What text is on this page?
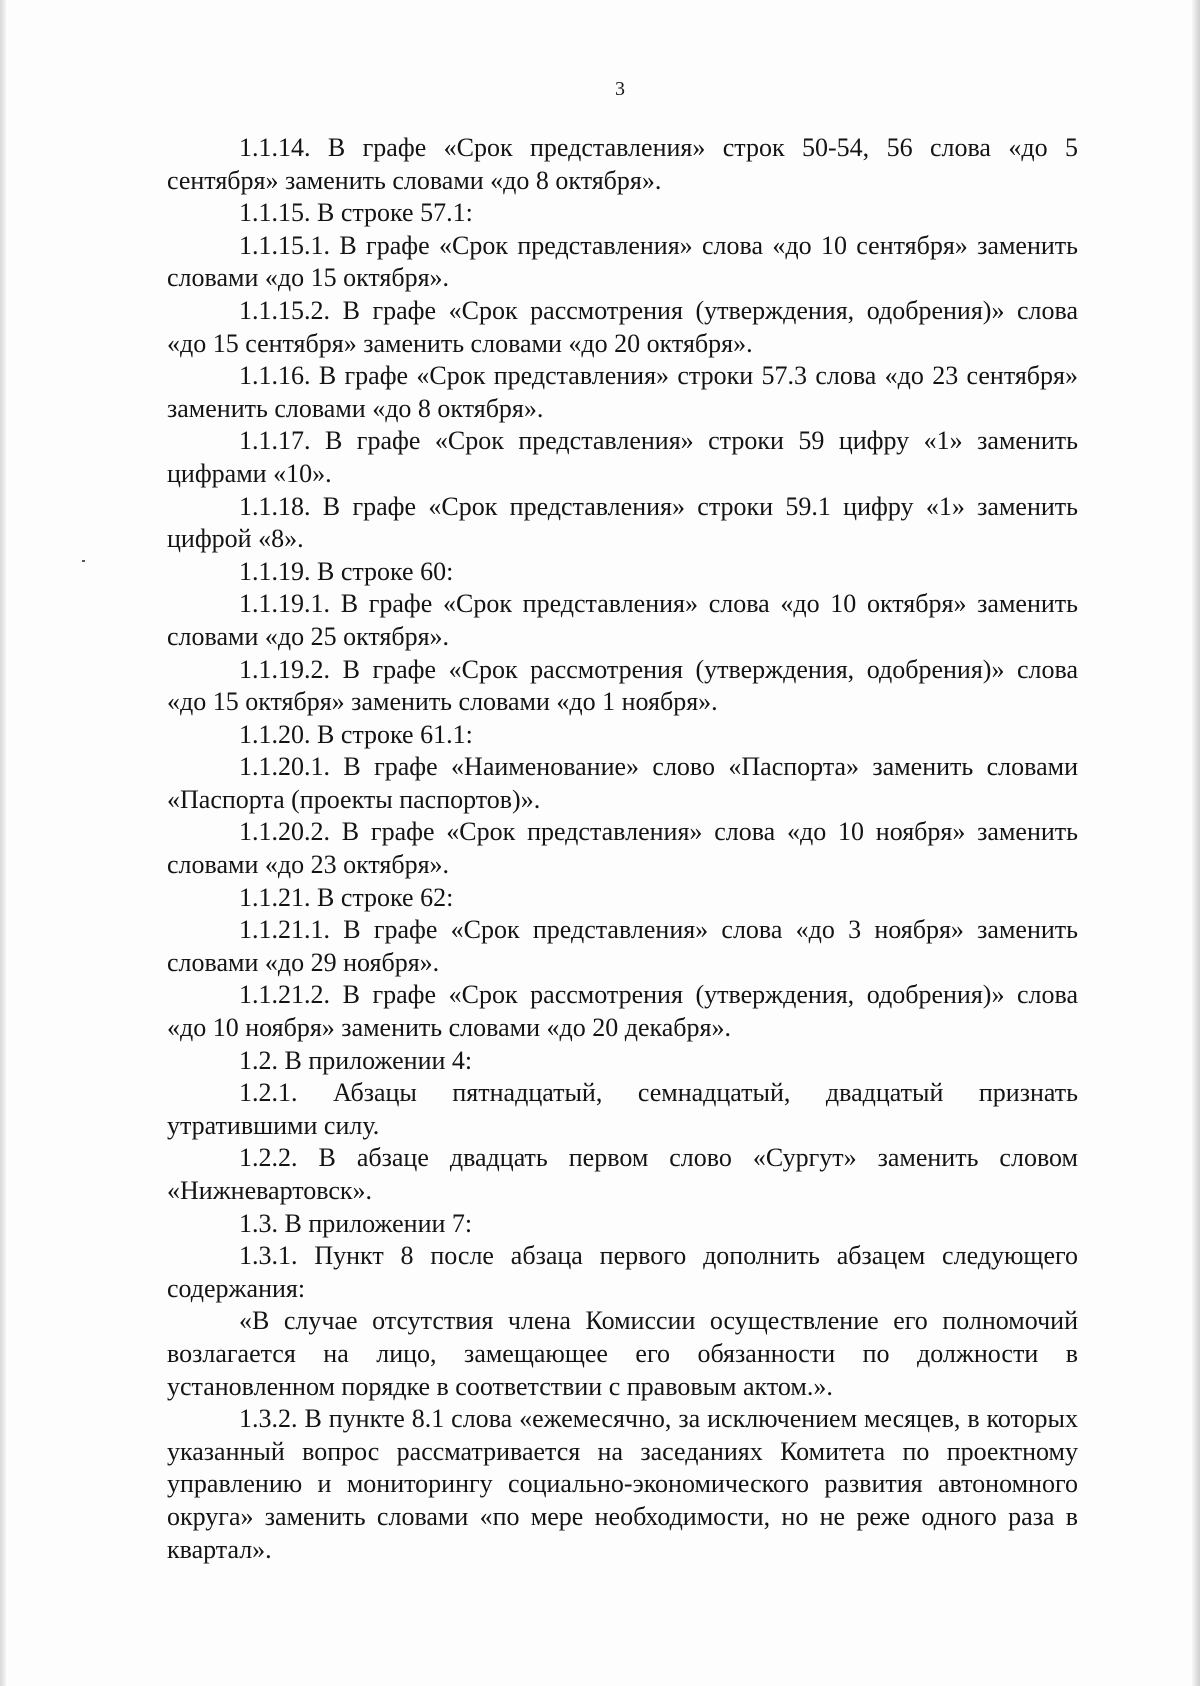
3

1.1.14. В графе «Срок представления» строк 50-54, 56 слова «до 5 сентября» заменить словами «до 8 октября».

1.1.15. В строке 57.1:

1.1.15.1. В графе «Срок представления» слова «до 10 сентября» заменить словами «до 15 октября».

1.1.15.2. В графе «Срок рассмотрения (утверждения, одобрения)» слова «до 15 сентября» заменить словами «до 20 октября».

1.1.16. В графе «Срок представления» строки 57.3 слова «до 23 сентября» заменить словами «до 8 октября».

1.1.17. В графе «Срок представления» строки 59 цифру «1» заменить цифрами «10».

1.1.18. В графе «Срок представления» строки 59.1 цифру «1» заменить цифрой «8».

1.1.19. В строке 60:

1.1.19.1. В графе «Срок представления» слова «до 10 октября» заменить словами «до 25 октября».

1.1.19.2. В графе «Срок рассмотрения (утверждения, одобрения)» слова «до 15 октября» заменить словами «до 1 ноября».

1.1.20. В строке 61.1:

1.1.20.1. В графе «Наименование» слово «Паспорта» заменить словами «Паспорта (проекты паспортов)».

1.1.20.2. В графе «Срок представления» слова «до 10 ноября» заменить словами «до 23 октября».

1.1.21. В строке 62:

1.1.21.1. В графе «Срок представления» слова «до 3 ноября» заменить словами «до 29 ноября».

1.1.21.2. В графе «Срок рассмотрения (утверждения, одобрения)» слова «до 10 ноября» заменить словами «до 20 декабря».

1.2. В приложении 4:

1.2.1. Абзацы пятнадцатый, семнадцатый, двадцатый признать утратившими силу.

1.2.2. В абзаце двадцать первом слово «Сургут» заменить словом «Нижневартовск».

1.3. В приложении 7:

1.3.1. Пункт 8 после абзаца первого дополнить абзацем следующего содержания:

«В случае отсутствия члена Комиссии осуществление его полномочий возлагается на лицо, замещающее его обязанности по должности в установленном порядке в соответствии с правовым актом.».

1.3.2. В пункте 8.1 слова «ежемесячно, за исключением месяцев, в которых указанный вопрос рассматривается на заседаниях Комитета по проектному управлению и мониторингу социально-экономического развития автономного округа» заменить словами «по мере необходимости, но не реже одного раза в квартал».
